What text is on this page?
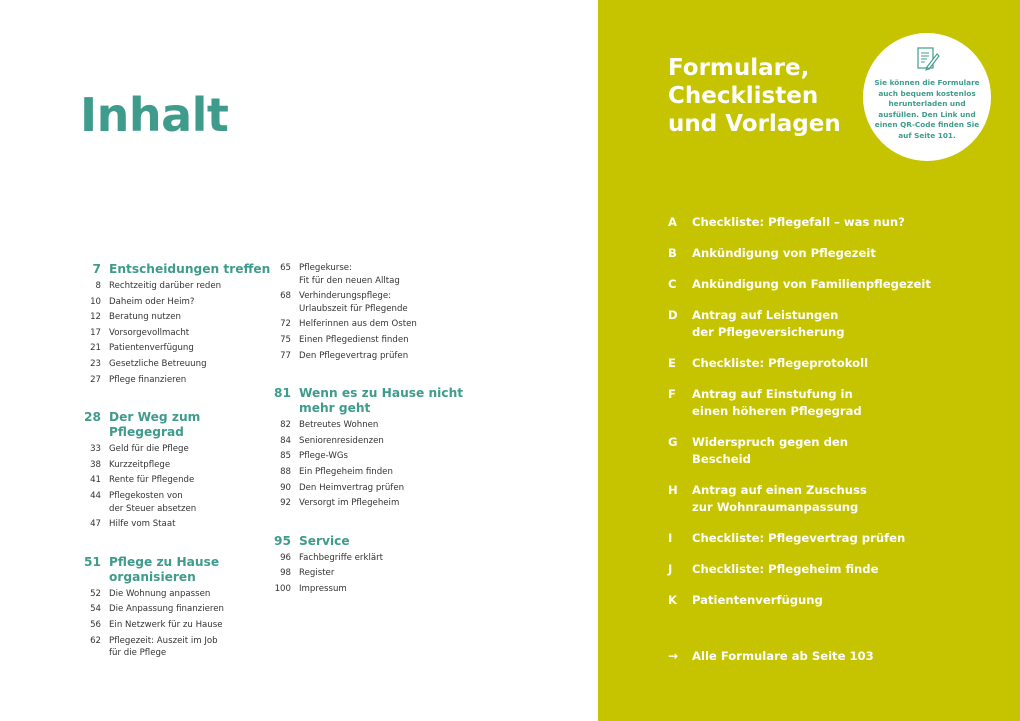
Inhalt
7 Entscheidungen treffen
8 Rechtzeitig darüber reden
10 Daheim oder Heim?
12 Beratung nutzen
17 Vorsorgevollmacht
21 Patientenverfügung
23 Gesetzliche Betreuung
27 Pflege finanzieren
28 Der Weg zum Pflegegrad
33 Geld für die Pflege
38 Kurzzeitpflege
41 Rente für Pflegende
44 Pflegekosten von
der Steuer absetzen
47 Hilfe vom Staat
51 Pflege zu Hause organisieren
52 Die Wohnung anpassen
54 Die Anpassung finanzieren
56 Ein Netzwerk für zu Hause
62 Pflegezeit: Auszeit im Job
für die Pflege
65 Pflegekurse:
Fit für den neuen Alltag
68 Verhinderungspflege:
Urlaubszeit für Pflegende
72 Helferinnen aus dem Osten
75 Einen Pflegedienst finden
77 Den Pflegevertrag prüfen
81 Wenn es zu Hause nicht mehr geht
82 Betreutes Wohnen
84 Seniorenresidenzen
85 Pflege-WGs
88 Ein Pflegeheim finden
90 Den Heimvertrag prüfen
92 Versorgt im Pflegeheim
95 Service
96 Fachbegriffe erklärt
98 Register
100 Impressum
Formulare,
Checklisten
und Vorlagen
Sie können die Formulare auch bequem kostenlos herunterladen und ausfüllen. Den Link und einen QR-Code finden Sie auf Seite 101.
A	Checkliste: Pflegefall – was nun?
B	Ankündigung von Pflegezeit
C	Ankündigung von Familienpflegezeit
D	Antrag auf Leistungen
der Pflegeversicherung
E	Checkliste: Pflegeprotokoll
F	Antrag auf Einstufung in
einen höheren Pflegegrad
G	Widerspruch gegen den
Bescheid
H	Antrag auf einen Zuschuss
zur Wohnraumanpassung
I	Checkliste: Pflegevertrag prüfen
J	Checkliste: Pflegeheim finde
K	Patientenverfügung
→	Alle Formulare ab Seite 103
